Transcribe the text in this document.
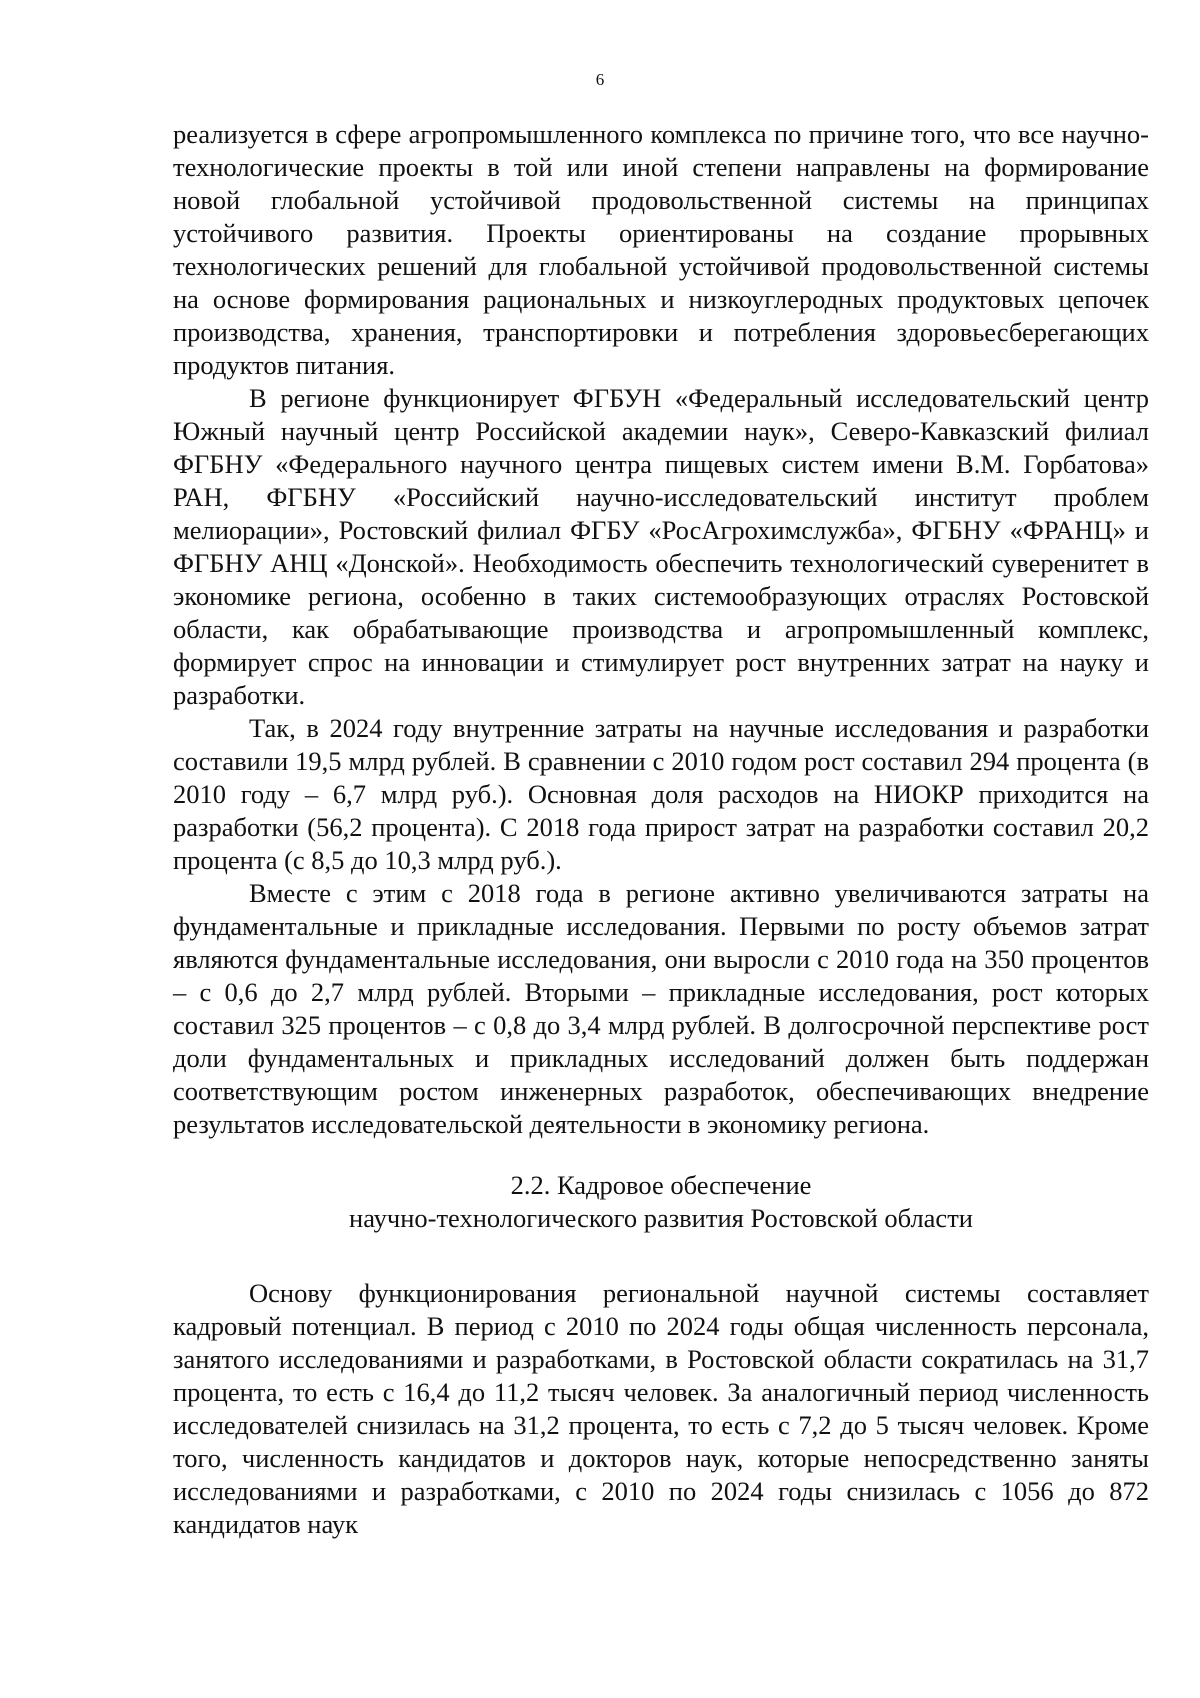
6

реализуется в сфере агропромышленного комплекса по причине того, что все научно-технологические проекты в той или иной степени направлены на формирование новой глобальной устойчивой продовольственной системы на принципах устойчивого развития. Проекты ориентированы на создание прорывных технологических решений для глобальной устойчивой продовольственной системы на основе формирования рациональных и низкоуглеродных продуктовых цепочек производства, хранения, транспортировки и потребления здоровьесберегающих продуктов питания.

В регионе функционирует ФГБУН «Федеральный исследовательский центр Южный научный центр Российской академии наук», Северо-Кавказский филиал ФГБНУ «Федерального научного центра пищевых систем имени В.М. Горбатова» РАН, ФГБНУ «Российский научно-исследовательский институт проблем мелиорации», Ростовский филиал ФГБУ «РосАгрохимслужба», ФГБНУ «ФРАНЦ» и ФГБНУ АНЦ «Донской». Необходимость обеспечить технологический суверенитет в экономике региона, особенно в таких системообразующих отраслях Ростовской области, как обрабатывающие производства и агропромышленный комплекс, формирует спрос на инновации и стимулирует рост внутренних затрат на науку и разработки.

Так, в 2024 году внутренние затраты на научные исследования и разработки составили 19,5 млрд рублей. В сравнении с 2010 годом рост составил 294 процента (в 2010 году – 6,7 млрд руб.). Основная доля расходов на НИОКР приходится на разработки (56,2 процента). С 2018 года прирост затрат на разработки составил 20,2 процента (с 8,5 до 10,3 млрд руб.).

Вместе с этим с 2018 года в регионе активно увеличиваются затраты на фундаментальные и прикладные исследования. Первыми по росту объемов затрат являются фундаментальные исследования, они выросли с 2010 года на 350 процентов – с 0,6 до 2,7 млрд рублей. Вторыми – прикладные исследования, рост которых составил 325 процентов – с 0,8 до 3,4 млрд рублей. В долгосрочной перспективе рост доли фундаментальных и прикладных исследований должен быть поддержан соответствующим ростом инженерных разработок, обеспечивающих внедрение результатов исследовательской деятельности в экономику региона.

2.2. Кадровое обеспечение
научно-технологического развития Ростовской области

Основу функционирования региональной научной системы составляет кадровый потенциал. В период с 2010 по 2024 годы общая численность персонала, занятого исследованиями и разработками, в Ростовской области сократилась на 31,7 процента, то есть с 16,4 до 11,2 тысяч человек. За аналогичный период численность исследователей снизилась на 31,2 процента, то есть с 7,2 до 5 тысяч человек. Кроме того, численность кандидатов и докторов наук, которые непосредственно заняты исследованиями и разработками, с 2010 по 2024 годы снизилась с 1056 до 872 кандидатов наук
